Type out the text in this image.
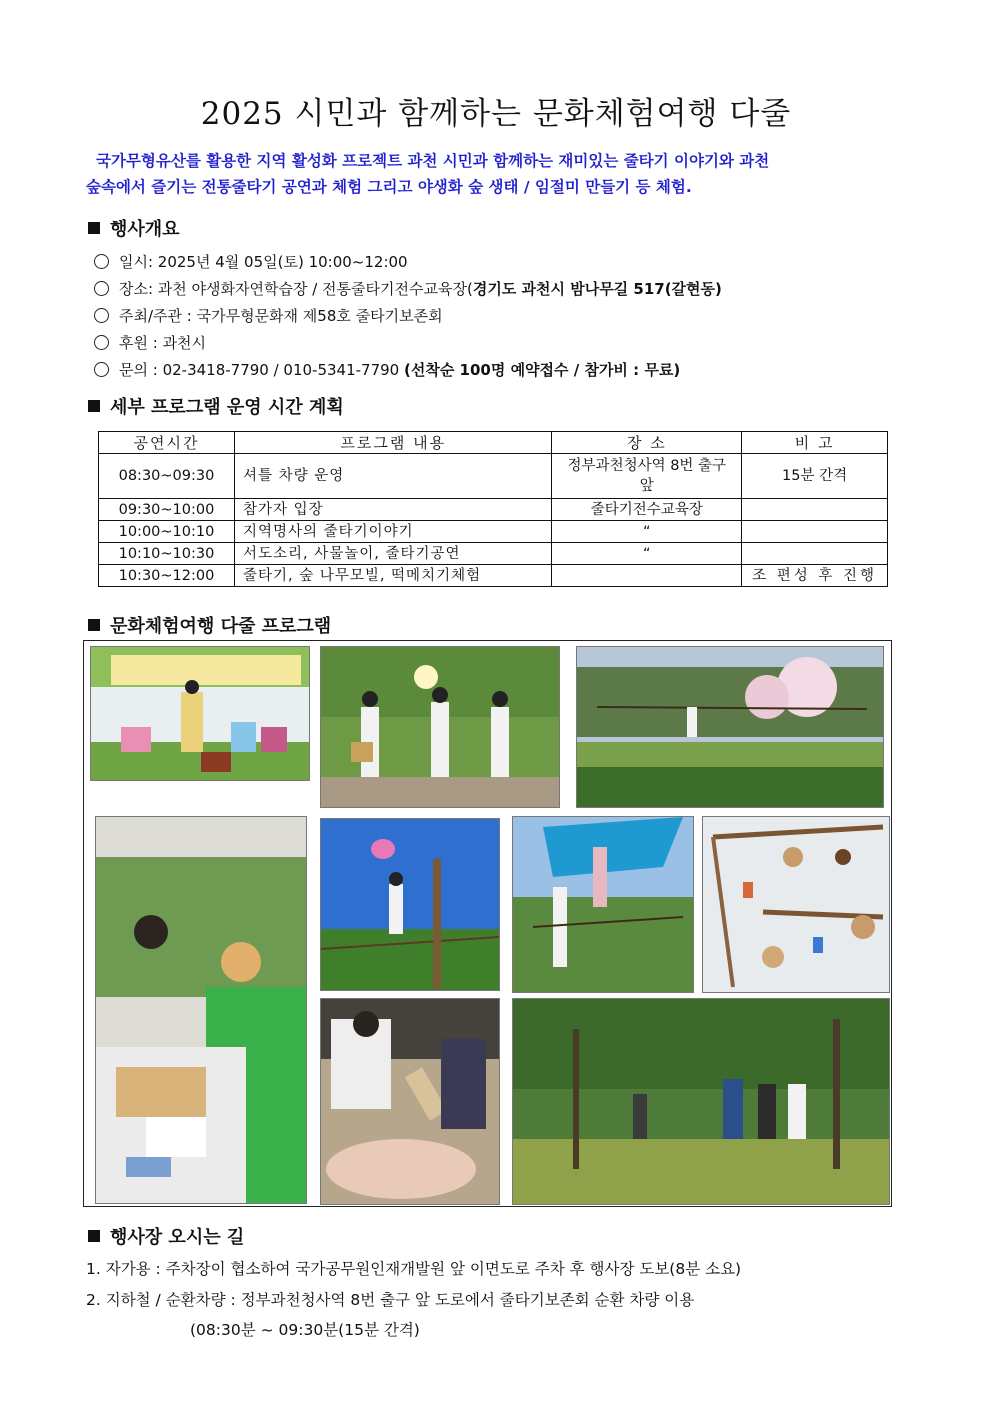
2025 시민과 함께하는 문화체험여행 다줄
국가무형유산를 활용한 지역 활성화 프로젝트 과천 시민과 함께하는 재미있는 줄타기 이야기와 과천
숲속에서 즐기는 전통줄타기 공연과 체험 그리고 야생화 숲 생태 / 임절미 만들기 등 체험.
행사개요
일시: 2025년 4월 05일(토) 10:00~12:00
장소: 과천 야생화자연학습장 / 전통줄타기전수교육장(경기도 과천시 밤나무길 517(갈현동)
주최/주관 : 국가무형문화재 제58호 줄타기보존회
후원 : 과천시
문의 : 02-3418-7790 / 010-5341-7790 (선착순 100명 예약접수 / 참가비 : 무료)
세부 프로그램 운영 시간 계획
공연시간	프로그램 내용	장 소	비 고
08:30~09:30	셔틀 차량 운영	정부과천청사역 8번 출구 앞	15분 간격
09:30~10:00	참가자 입장	줄타기전수교육장	
10:00~10:10	지역명사의 줄타기이야기	“	
10:10~10:30	서도소리, 사물놀이, 줄타기공연	“	
10:30~12:00	줄타기, 숲 나무모빌, 떡메치기체험		조 편성 후 진행
문화체험여행 다줄 프로그램
행사장 오시는 길
1. 자가용 : 주차장이 협소하여 국가공무원인재개발원 앞 이면도로 주차 후 행사장 도보(8분 소요)
2. 지하철 / 순환차량 : 정부과천청사역 8번 출구 앞 도로에서 줄타기보존회 순환 차량 이용
(08:30분 ~ 09:30분(15분 간격)
